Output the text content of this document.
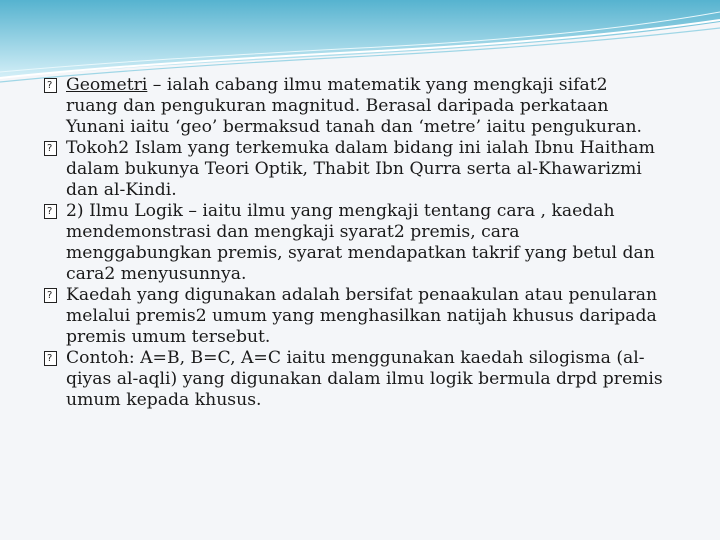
?
Geometri – ialah cabang ilmu matematik yang mengkaji sifat2 ruang dan pengukuran magnitud. Berasal daripada perkataan Yunani iaitu ‘geo’ bermaksud tanah dan ‘metre’ iaitu pengukuran.
?
Tokoh2 Islam yang terkemuka dalam bidang ini ialah Ibnu Haitham dalam bukunya Teori Optik, Thabit Ibn Qurra serta al-Khawarizmi dan al-Kindi.
?
2) Ilmu Logik – iaitu ilmu yang mengkaji tentang cara , kaedah mendemonstrasi dan mengkaji syarat2 premis, cara menggabungkan premis, syarat mendapatkan takrif yang betul dan cara2 menyusunnya.
?
Kaedah yang digunakan adalah bersifat penaakulan atau penularan melalui premis2 umum yang menghasilkan natijah khusus daripada premis umum tersebut.
?
Contoh: A=B, B=C, A=C iaitu menggunakan kaedah silogisma (al-qiyas al-aqli) yang digunakan dalam ilmu logik bermula drpd premis umum kepada khusus.
